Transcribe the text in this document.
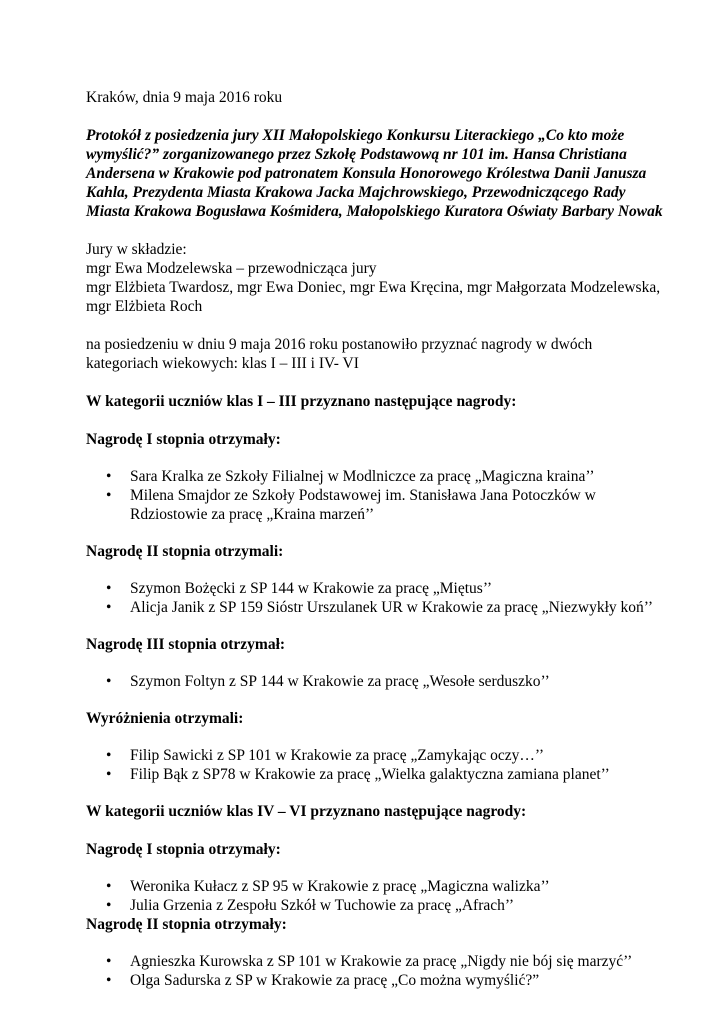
Kraków, dnia 9 maja 2016 roku

Protokół z posiedzenia jury XII Małopolskiego Konkursu Literackiego „Co kto może wymyślić?” zorganizowanego przez Szkołę Podstawową nr 101 im. Hansa Christiana Andersena w Krakowie pod patronatem Konsula Honorowego Królestwa Danii Janusza Kahla, Prezydenta Miasta Krakowa Jacka Majchrowskiego, Przewodniczącego Rady Miasta Krakowa Bogusława Kośmidera, Małopolskiego Kuratora Oświaty Barbary Nowak

Jury w składzie:

mgr Ewa Modzelewska – przewodnicząca jury

mgr Elżbieta Twardosz, mgr Ewa Doniec, mgr Ewa Kręcina, mgr Małgorzata Modzelewska, mgr Elżbieta Roch

na posiedzeniu w dniu 9 maja 2016 roku postanowiło przyznać nagrody w dwóch kategoriach wiekowych: klas I – III i IV- VI

W kategorii uczniów klas I – III przyznano następujące nagrody:

Nagrodę I stopnia otrzymały:

• Sara Kralka ze Szkoły Filialnej w Modlniczce za pracę „Magiczna kraina’’
• Milena Smajdor ze Szkoły Podstawowej im. Stanisława Jana Potoczków w Rdziostowie za pracę „Kraina marzeń’’

Nagrodę II stopnia otrzymali:

• Szymon Bożęcki z SP 144 w Krakowie za pracę „Miętus’’
• Alicja Janik z SP 159 Sióstr Urszulanek UR w Krakowie za pracę „Niezwykły koń’’

Nagrodę III stopnia otrzymał:

• Szymon Foltyn z SP 144 w Krakowie za pracę „Wesołe serduszko’’

Wyróżnienia otrzymali:

• Filip Sawicki z SP 101 w Krakowie za pracę „Zamykając oczy…’’
• Filip Bąk z SP78 w Krakowie za pracę „Wielka galaktyczna zamiana planet’’

W kategorii uczniów klas IV – VI przyznano następujące nagrody:

Nagrodę I stopnia otrzymały:

• Weronika Kułacz z SP 95 w Krakowie z pracę „Magiczna walizka’’
• Julia Grzenia z Zespołu Szkół w Tuchowie za pracę „Afrach’’

Nagrodę II stopnia otrzymały:

• Agnieszka Kurowska z SP 101 w Krakowie za pracę „Nigdy nie bój się marzyć’’
• Olga Sadurska z SP w Krakowie za pracę „Co można wymyślić?”
